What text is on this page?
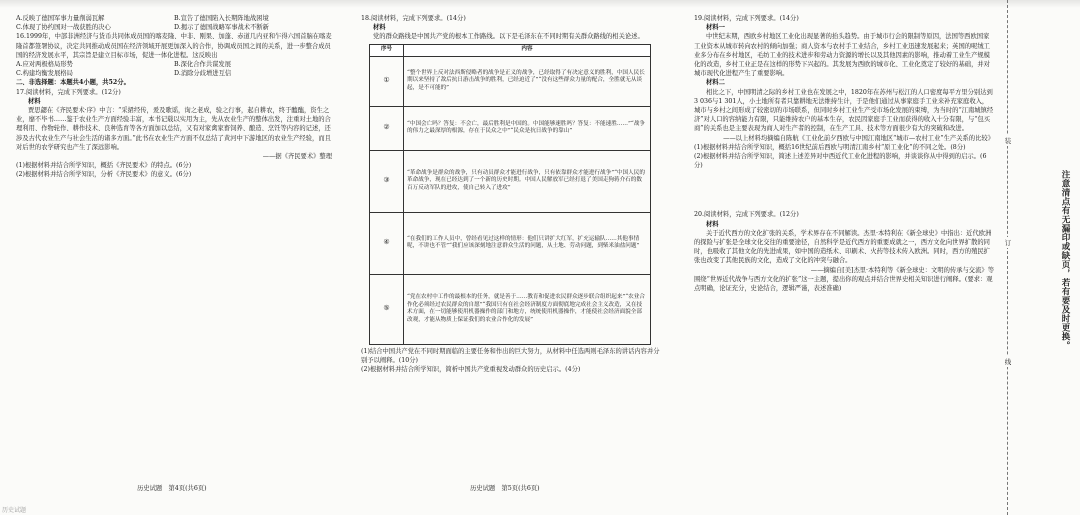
A.反映了德国军事力量削弱瓦解	B.宣告了德国陷入长期阵地战困境

C.体现了协约国对一战获胜的决心	D.揭示了德国战略军事战术不断新

16.1999年，中部非洲经济与货币共同体成员国的喀麦隆、中非、刚果、加蓬、赤道几内亚和乍得六国首脑在喀麦隆首都签署协议，决定共同推动成员国在经济领域开展更加深入的合作，协调成员国之间的关系，进一步整合成员国的经济发展水平，其宗旨是建立目标市场，促进一体化进程。这反映出

A.应对两极格局形势	B.深化合作共谋发展

C.构建均衡发展格局	D.消除分歧增进互信

二、非选择题：本题共4小题，共52分。

17.阅读材料，完成下列要求。(12分)

材料

贾思勰在《齐民要术·序》中言：“采捃经传，爰及歌谣，询之老成，验之行事，起自耕农，终于醯醢，资生之业，靡不毕书……鉴于农业生产方面经验丰富，本书记载以实用为主，先从农业生产的整体出发，注重对土地的合理利用、作物轮作、耕作技术、良种选育等各方面加以总结，又有对家禽家畜饲养、酿造、烹饪等内容的记述，还涉及古代农业生产与社会生活的诸多方面。”此书在农业生产方面不仅总结了黄河中下游地区的农业生产经验，而且对后世的农学研究也产生了深远影响。

——据《齐民要术》整理

(1)根据材料并结合所学知识，概括《齐民要术》的特点。(6分)

(2)根据材料并结合所学知识，分析《齐民要术》的意义。(6分)

18.阅读材料，完成下列要求。(14分)

材料

党的群众路线是中国共产党的根本工作路线。以下是毛泽东在不同时期有关群众路线的相关论述。

序号	内容
①	“整个世界上反对法西斯侵略者的战争是正义的战争，已经取得了有决定意义的胜利，中国人民长期以来坚持了敌后抗日游击战争的胜利，已经迫近了”“没有这些群众力量的配合，全胜就无从谈起，是不可能的”
②	“中国会亡吗？答复：不会亡，最后胜利是中国的。中国能够速胜吗？答复：不能速胜……”“战争的伟力之最深厚的根源，存在于民众之中”“民众是抗日战争的靠山”
③	“革命战争是群众的战争，只有动员群众才能进行战争，只有依靠群众才能进行战争”“中国人民的革命战争，现在已经达到了一个新的历史时期。中国人民解放军已经打退了美国走狗蒋介石的数百万反动军队的进攻，使自己转入了进攻”
④	“在我们的工作人员中，曾经看见过这样的情形：他们只讲扩大红军，扩充运输队……其他事情呢，不讲也不管”“我们应该深刻地注意群众生活的问题，从土地、劳动问题，到柴米油盐问题”
⑤	“党在农村中工作的最根本的任务，就是善于……教育和促进农民群众逐步联合组织起来”“农业合作化必须经过农民群众的自愿”“我国只有在社会经济制度方面彻底地完成社会主义改造，又在技术方面，在一切能够使用机器操作的部门和地方，统统使用机器操作，才能使社会经济面貌全部改观，才能从物质上保证我们的农业合作化的发展”

(1)结合中国共产党在不同时期面临的主要任务和作出的巨大努力，从材料中任选两则毛泽东的讲话内容并分别予以阐释。(10分)

(2)根据材料并结合所学知识，简析中国共产党重视发动群众的历史启示。(4分)

19.阅读材料，完成下列要求。(14分)

材料一

中世纪末期，西欧乡村地区工业化出现显著的抬头趋势。由于城市行会的限制等原因，法国等西欧国家工业资本从城市转向农村的倾向加强；商人资本与农村手工业结合，乡村工业迅速发展起来；英国的呢绒工业多分布在乡村地区，毛纺工业的技术进步和劳动力资源的增长以及其他因素的影响，推动着工业生产规模化的改造，乡村工业正是在这样的形势下兴起的。其发展为西欧的城市化、工业化奠定了较好的基础，并对城市现代化进程产生了重要影响。

材料二

相比之下，中国明清之际的乡村工业也在发展之中，1820年在苏州与松江的人口密度每平方里分别达到3 036与1 301人，小土地所有者只靠耕地无法维持生计，于是他们通过从事家庭手工业来补充家庭收入，城市与乡村之间形成了较密切的市场联系，但同时乡村工业生产受市场化发展的束缚，为当时的“江南城镇经济”对人口的容纳能力有限，只能维持农户的基本生存，农民因家庭手工业而获得的收入十分有限，与“包买商”的关系也是主要表现为商人对生产者的控制，在生产工具、技术等方面很少有大的突破和改进。

——以上材料均摘编自陈航《工业化前夕西欧与中国江南地区“城市—农村工业”生产关系的比较》

(1)根据材料并结合所学知识，概括16世纪前后西欧与明清江南乡村“原工业化”的不同之处。(8分)

(2)根据材料并结合所学知识，简述上述差异对中西近代工业化进程的影响，并谈谈你从中得到的启示。(6分)

20.阅读材料，完成下列要求。(12分)

材料

关于近代西方的文化扩张的关系，学术界存在不同解读。杰里·本特利在《新全球史》中指出：近代欧洲的探险与扩张是全球文化交往的重要途径，自然科学是近代西方的重要成就之一，西方文化向世界扩散的同时，也吸收了其他文化的先进成果，如中国的造纸术、印刷术、火药等技术传入欧洲。同时，西方的殖民扩张也改变了其他民族的文化，造成了文化的冲突与融合。

——摘编自[美]杰里·本特利等《新全球史：文明的传承与交流》等

围绕“世界近代战争与西方文化的扩张”这一主题，提出你的观点并结合世界史相关知识进行阐释。(要求：观点明确，论证充分，史论结合，逻辑严谨，表述准确)

历史试题　第4页(共6页)	历史试题　第5页(共6页)
装
订
线
注意清点有无漏印或缺页，若有要及时更换。
历史试题
